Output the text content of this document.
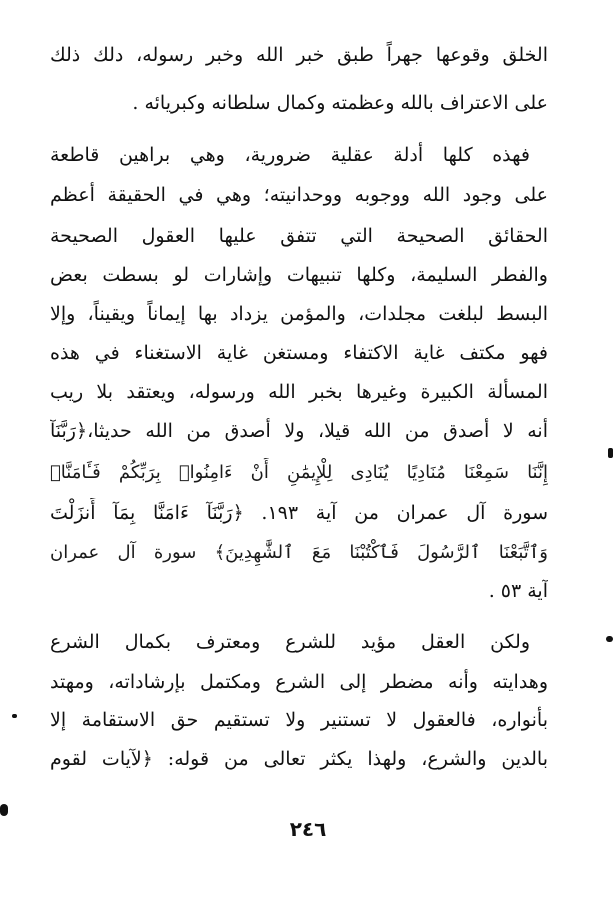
الخلق وقوعها جهراً طبق خبر الله وخبر رسوله، دلك ذلك
على الاعتراف بالله وعظمته وكمال سلطانه وكبريائه .
فهذه كلها أدلة عقلية ضرورية، وهي براهين قاطعة
على وجود الله ووجوبه ووحدانيته؛ وهي في الحقيقة أعظم
الحقائق الصحيحة التي تتفق عليها العقول الصحيحة
والفطر السليمة، وكلها تنبيهات وإشارات لو بسطت بعض
البسط لبلغت مجلدات، والمؤمن يزداد بها إيماناً ويقيناً، وإلا
فهو مكتف غاية الاكتفاء ومستغن غاية الاستغناء في هذه
المسألة الكبيرة وغيرها بخبر الله ورسوله، ويعتقد بلا ريب
أنه لا أصدق من الله قيلا، ولا أصدق من الله حديثا،﴿رَبَّنَآ
إِنَّنَا سَمِعْنَا مُنَادِيًا يُنَادِى لِلْإِيمَٰنِ أَنْ ءَامِنُوا۟ بِرَبِّكُمْ فَـَٔامَنَّا﴾
سورة آل عمران من آية ١٩٣. ﴿رَبَّنَآ ءَامَنَّا بِمَآ أَنزَلْتَ
وَٱتَّبَعْنَا ٱلرَّسُولَ فَٱكْتُبْنَا مَعَ ٱلشَّٰهِدِينَ﴾ سورة آل عمران
آية ٥٣ .
ولكن العقل مؤيد للشرع ومعترف بكمال الشرع
وهدايته وأنه مضطر إلى الشرع ومكتمل بإرشاداته، ومهتد
بأنواره، فالعقول لا تستنير ولا تستقيم حق الاستقامة إلا
بالدين والشرع، ولهذا يكثر تعالى من قوله: ﴿لآيات لقوم
٢٤٦
